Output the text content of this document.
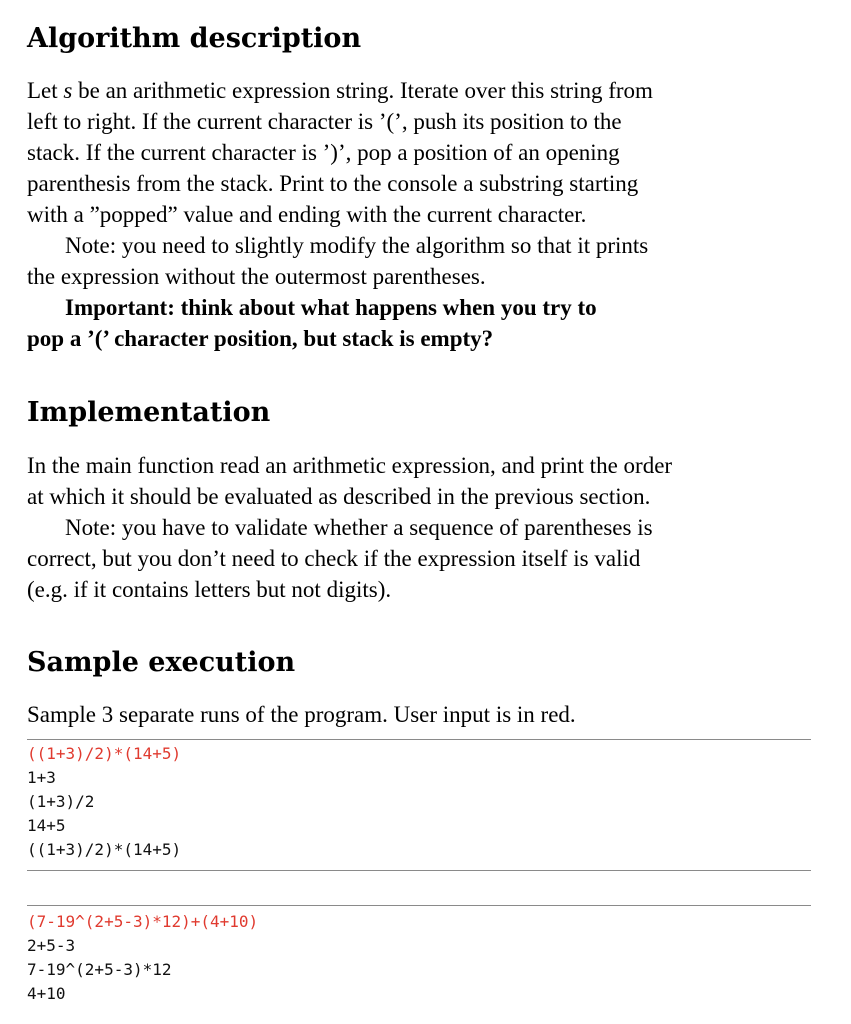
Algorithm description
Let s be an arithmetic expression string. Iterate over this string from
left to right. If the current character is ’(’, push its position to the
stack. If the current character is ’)’, pop a position of an opening
parenthesis from the stack. Print to the console a substring starting
with a ”popped” value and ending with the current character.
Note: you need to slightly modify the algorithm so that it prints
the expression without the outermost parentheses.
Important: think about what happens when you try to
pop a ’(’ character position, but stack is empty?
Implementation
In the main function read an arithmetic expression, and print the order
at which it should be evaluated as described in the previous section.
Note: you have to validate whether a sequence of parentheses is
correct, but you don’t need to check if the expression itself is valid
(e.g. if it contains letters but not digits).
Sample execution
Sample 3 separate runs of the program. User input is in red.
((1+3)/2)*(14+5)
1+3
(1+3)/2
14+5
((1+3)/2)*(14+5)
(7-19^(2+5-3)*12)+(4+10)
2+5-3
7-19^(2+5-3)*12
4+10
